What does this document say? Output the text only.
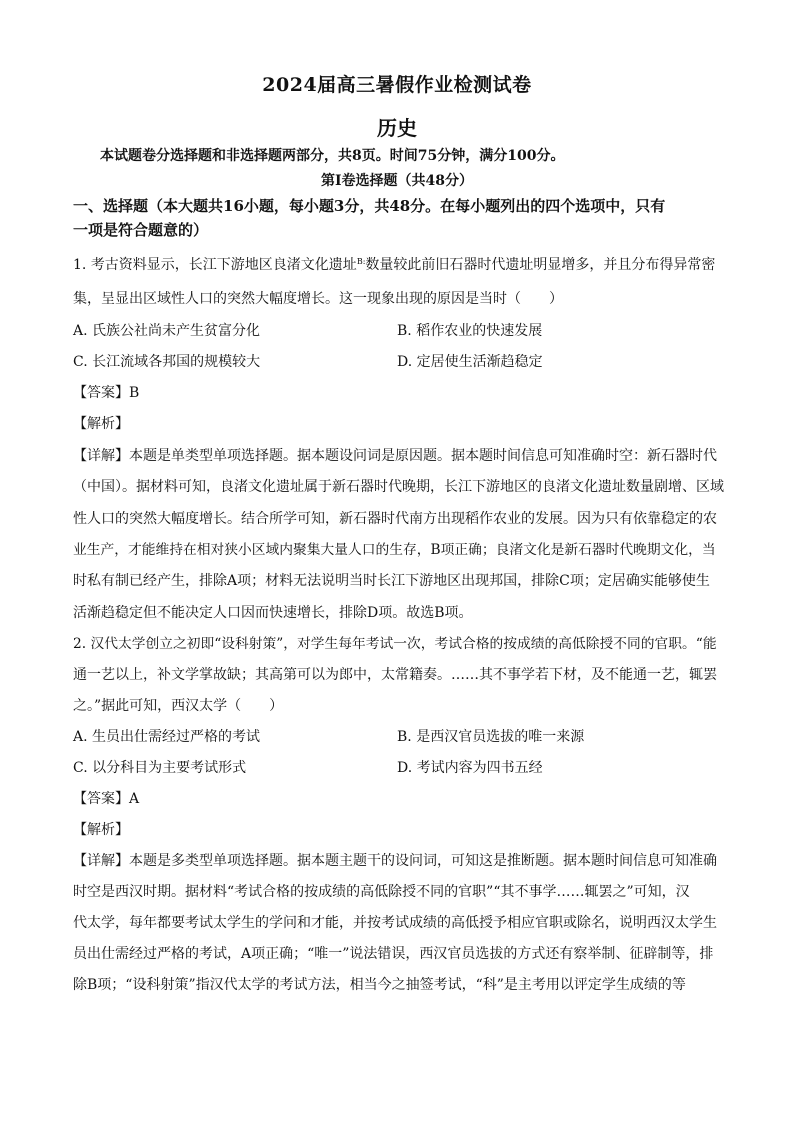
2024届高三暑假作业检测试卷
历史
本试题卷分选择题和非选择题两部分，共8页。时间75分钟，满分100分。
第I卷选择题（共48分）
一、选择题（本大题共16小题，每小题3分，共48分。在每小题列出的四个选项中，只有
一项是符合题意的）
1. 考古资料显示，长江下游地区良渚文化遗址$^{B:}$数量较此前旧石器时代遗址明显增多，并且分布得异常密
集，呈显出区域性人口的突然大幅度增长。这一现象出现的原因是当时（　　）
A. 氏族公社尚未产生贫富分化	B. 稻作农业的快速发展
C. 长江流域各邦国的规模较大	D. 定居使生活渐趋稳定
【答案】B
【解析】
【详解】本题是单类型单项选择题。据本题设问词是原因题。据本题时间信息可知准确时空：新石器时代
（中国）。据材料可知，良渚文化遗址属于新石器时代晚期，长江下游地区的良渚文化遗址数量剧增、区域
性人口的突然大幅度增长。结合所学可知，新石器时代南方出现稻作农业的发展。因为只有依靠稳定的农
业生产，才能维持在相对狭小区域内聚集大量人口的生存，B项正确；良渚文化是新石器时代晚期文化，当
时私有制已经产生，排除A项；材料无法说明当时长江下游地区出现邦国，排除C项；定居确实能够使生
活渐趋稳定但不能决定人口因而快速增长，排除D项。故选B项。
2. 汉代太学创立之初即“设科射策”，对学生每年考试一次，考试合格的按成绩的高低除授不同的官职。“能
通一艺以上，补文学掌故缺；其高第可以为郎中，太常籍奏。……其不事学若下材，及不能通一艺，辄罢
之。”据此可知，西汉太学（　　）
A. 生员出仕需经过严格的考试	B. 是西汉官员选拔的唯一来源
C. 以分科目为主要考试形式	D. 考试内容为四书五经
【答案】A
【解析】
【详解】本题是多类型单项选择题。据本题主题干的设问词，可知这是推断题。据本题时间信息可知准确
时空是西汉时期。据材料“考试合格的按成绩的高低除授不同的官职”“其不事学……辄罢之”可知，汉
代太学，每年都要考试太学生的学问和才能，并按考试成绩的高低授予相应官职或除名，说明西汉太学生
员出仕需经过严格的考试，A项正确；“唯一”说法错误，西汉官员选拔的方式还有察举制、征辟制等，排
除B项；“设科射策”指汉代太学的考试方法，相当今之抽签考试，“科”是主考用以评定学生成绩的等
